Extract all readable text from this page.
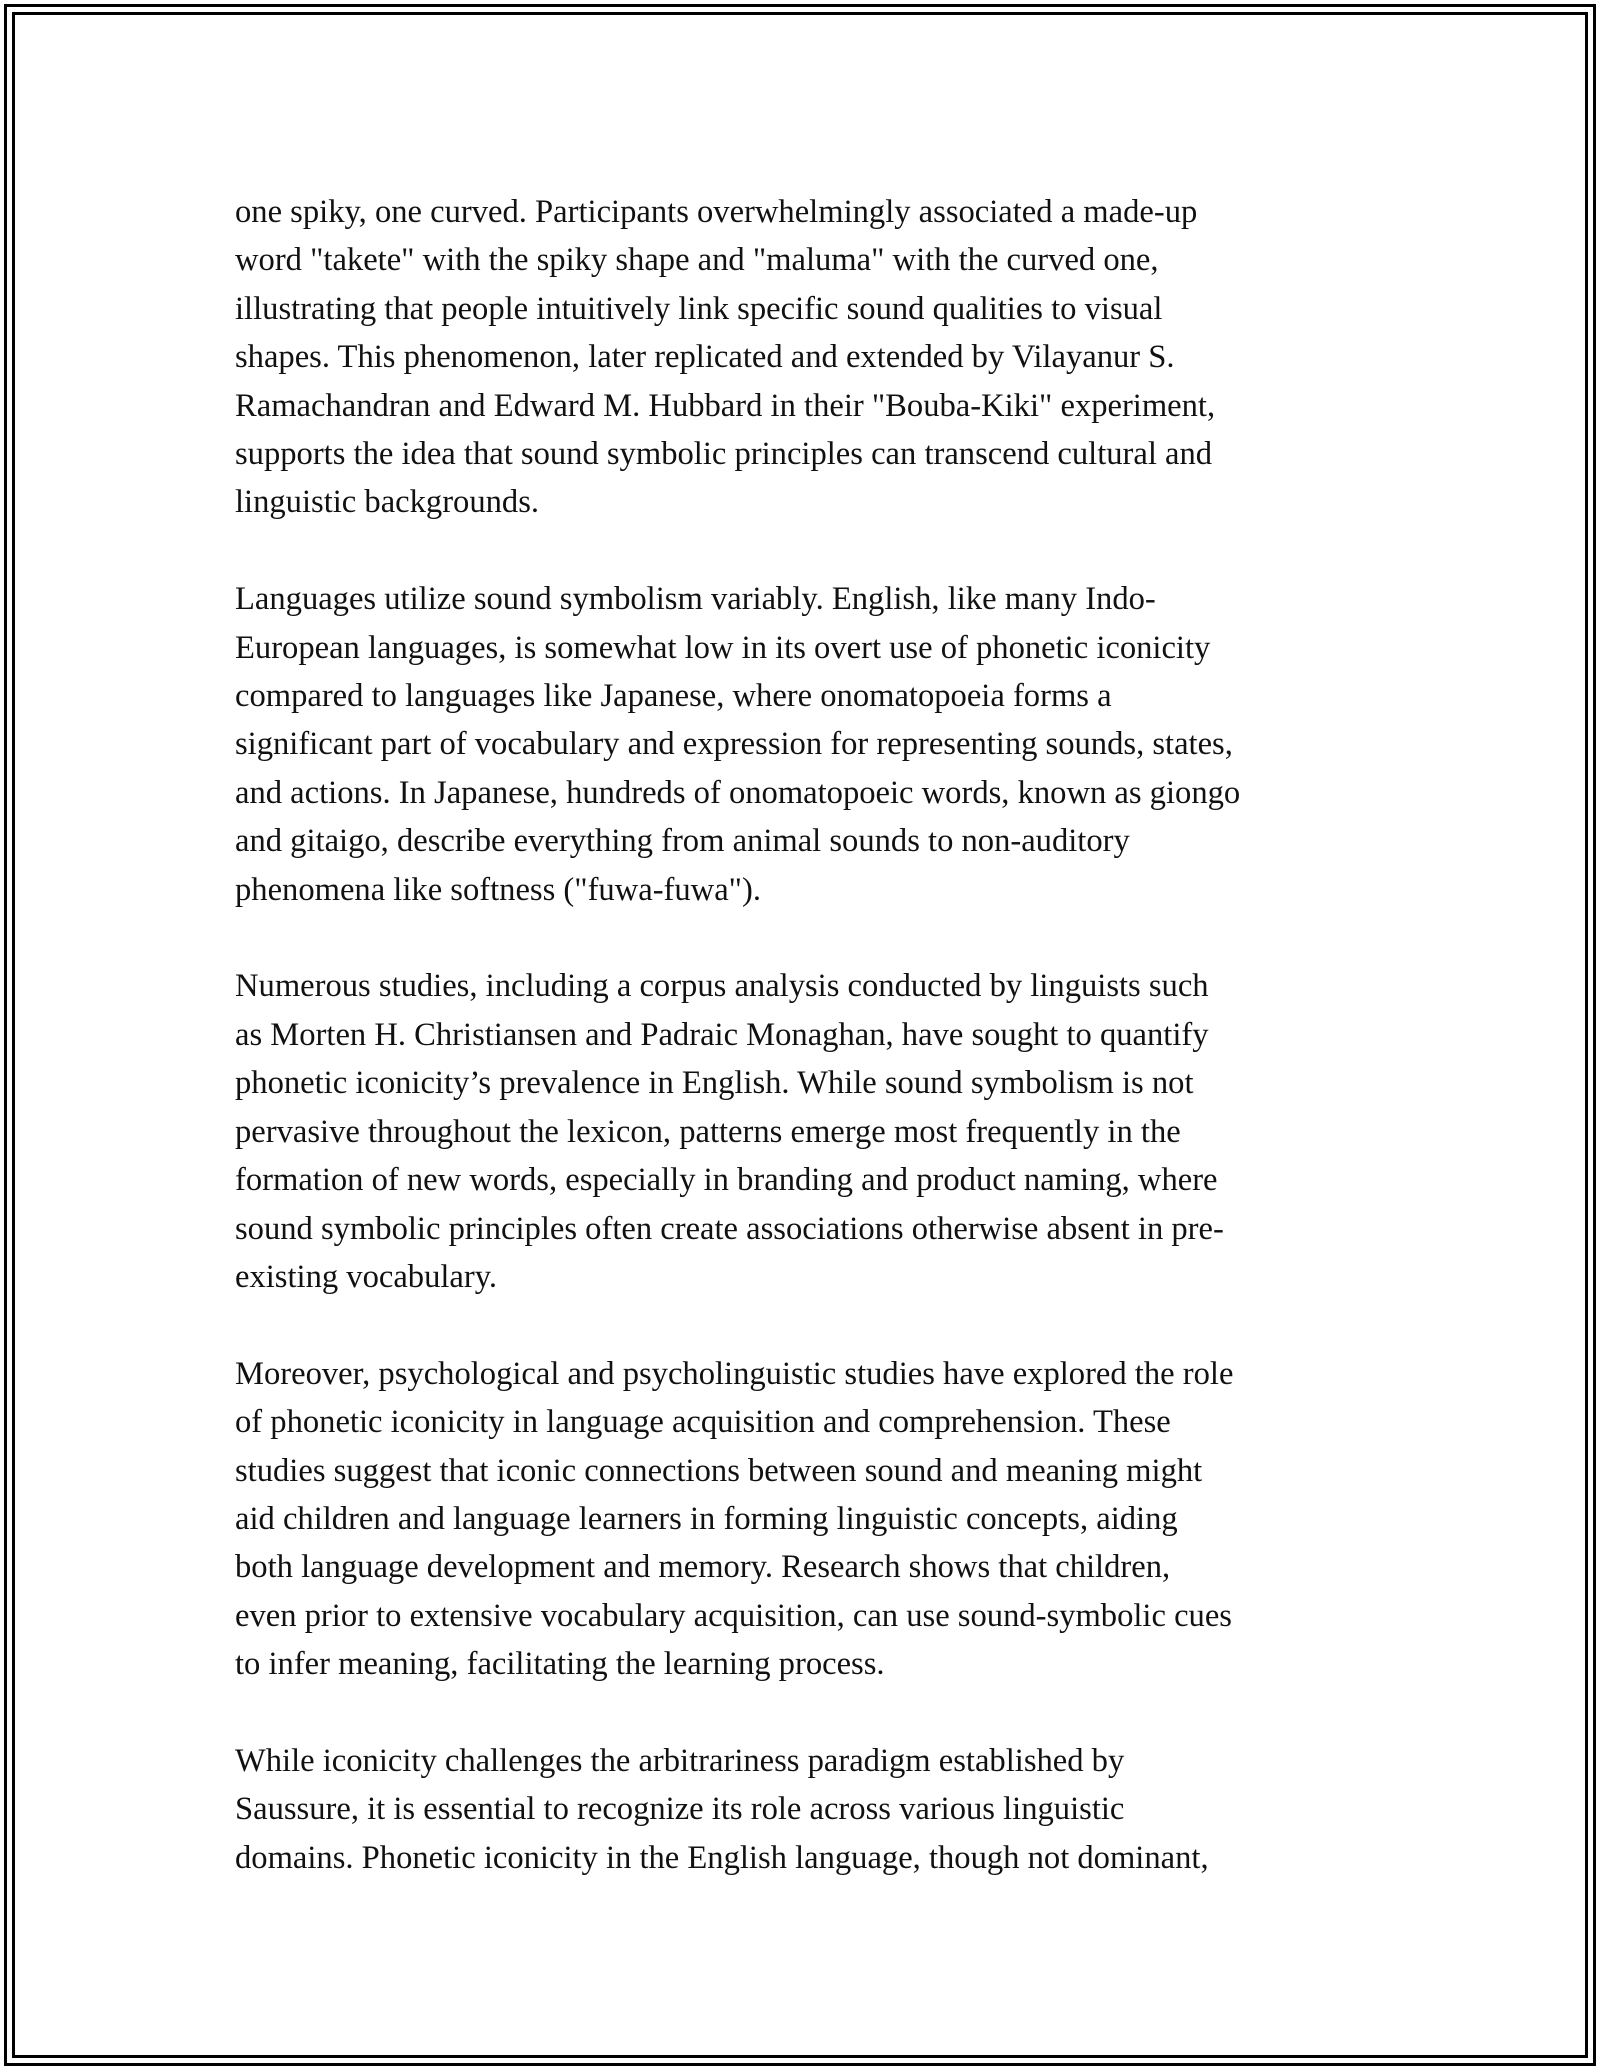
one spiky, one curved. Participants overwhelmingly associated a made-up
word "takete" with the spiky shape and "maluma" with the curved one,
illustrating that people intuitively link specific sound qualities to visual
shapes. This phenomenon, later replicated and extended by Vilayanur S.
Ramachandran and Edward M. Hubbard in their "Bouba-Kiki" experiment,
supports the idea that sound symbolic principles can transcend cultural and
linguistic backgrounds.

Languages utilize sound symbolism variably. English, like many Indo-
European languages, is somewhat low in its overt use of phonetic iconicity
compared to languages like Japanese, where onomatopoeia forms a
significant part of vocabulary and expression for representing sounds, states,
and actions. In Japanese, hundreds of onomatopoeic words, known as giongo
and gitaigo, describe everything from animal sounds to non-auditory
phenomena like softness ("fuwa-fuwa").

Numerous studies, including a corpus analysis conducted by linguists such
as Morten H. Christiansen and Padraic Monaghan, have sought to quantify
phonetic iconicity’s prevalence in English. While sound symbolism is not
pervasive throughout the lexicon, patterns emerge most frequently in the
formation of new words, especially in branding and product naming, where
sound symbolic principles often create associations otherwise absent in pre-
existing vocabulary.

Moreover, psychological and psycholinguistic studies have explored the role
of phonetic iconicity in language acquisition and comprehension. These
studies suggest that iconic connections between sound and meaning might
aid children and language learners in forming linguistic concepts, aiding
both language development and memory. Research shows that children,
even prior to extensive vocabulary acquisition, can use sound-symbolic cues
to infer meaning, facilitating the learning process.

While iconicity challenges the arbitrariness paradigm established by
Saussure, it is essential to recognize its role across various linguistic
domains. Phonetic iconicity in the English language, though not dominant,
